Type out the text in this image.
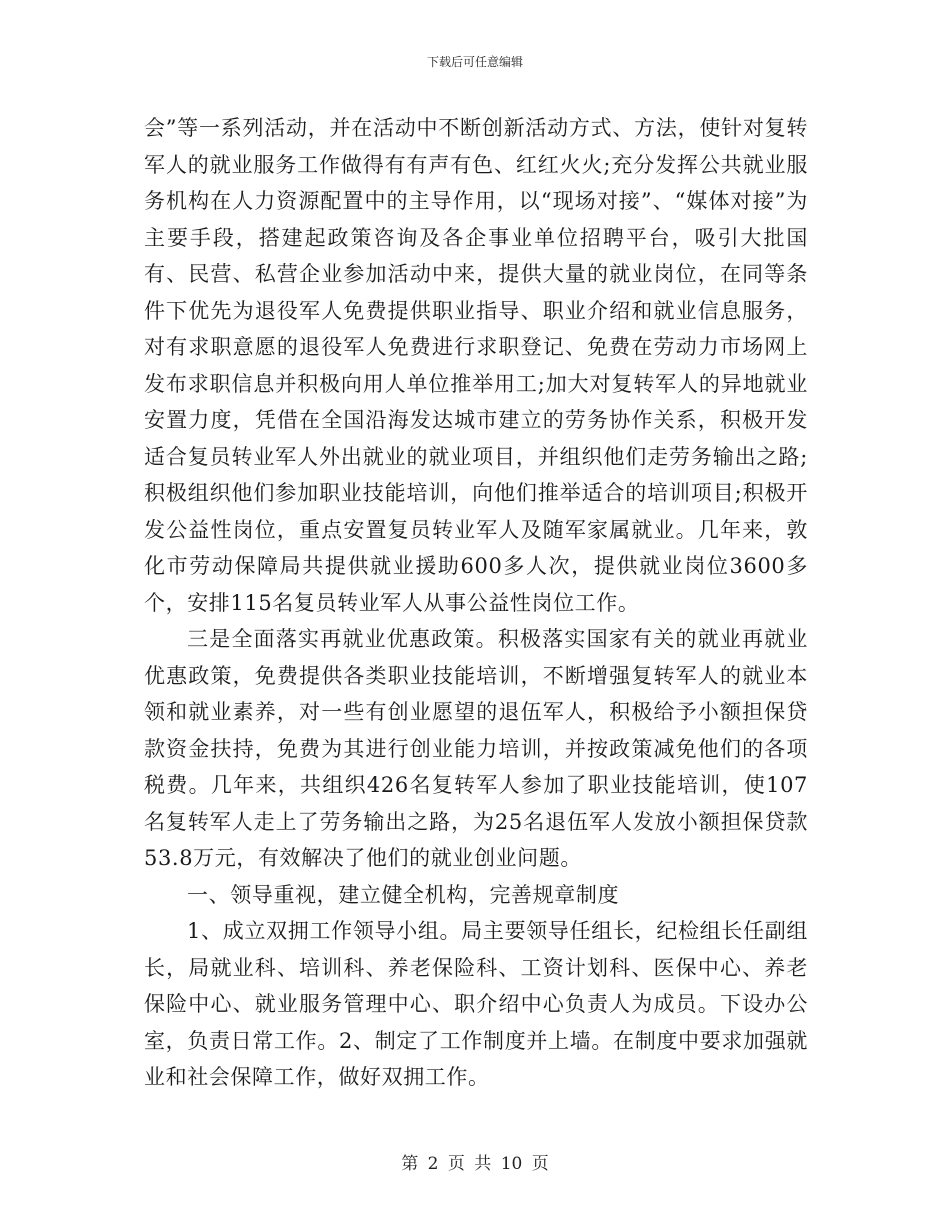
下载后可任意编辑

会”等一系列活动，并在活动中不断创新活动方式、方法，使针对复转军人的就业服务工作做得有有声有色、红红火火;充分发挥公共就业服务机构在人力资源配置中的主导作用，以“现场对接”、“媒体对接”为主要手段，搭建起政策咨询及各企事业单位招聘平台，吸引大批国有、民营、私营企业参加活动中来，提供大量的就业岗位，在同等条件下优先为退役军人免费提供职业指导、职业介绍和就业信息服务，对有求职意愿的退役军人免费进行求职登记、免费在劳动力市场网上发布求职信息并积极向用人单位推举用工;加大对复转军人的异地就业安置力度，凭借在全国沿海发达城市建立的劳务协作关系，积极开发适合复员转业军人外出就业的就业项目，并组织他们走劳务输出之路;积极组织他们参加职业技能培训，向他们推举适合的培训项目;积极开发公益性岗位，重点安置复员转业军人及随军家属就业。几年来，敦化市劳动保障局共提供就业援助600多人次，提供就业岗位3600多个，安排115名复员转业军人从事公益性岗位工作。

三是全面落实再就业优惠政策。积极落实国家有关的就业再就业优惠政策，免费提供各类职业技能培训，不断增强复转军人的就业本领和就业素养，对一些有创业愿望的退伍军人，积极给予小额担保贷款资金扶持，免费为其进行创业能力培训，并按政策减免他们的各项税费。几年来，共组织426名复转军人参加了职业技能培训，使107名复转军人走上了劳务输出之路，为25名退伍军人发放小额担保贷款53.8万元，有效解决了他们的就业创业问题。

一、领导重视，建立健全机构，完善规章制度

1、成立双拥工作领导小组。局主要领导任组长，纪检组长任副组长，局就业科、培训科、养老保险科、工资计划科、医保中心、养老保险中心、就业服务管理中心、职介绍中心负责人为成员。下设办公室，负责日常工作。2、制定了工作制度并上墙。在制度中要求加强就业和社会保障工作，做好双拥工作。

第 2 页 共 10 页
